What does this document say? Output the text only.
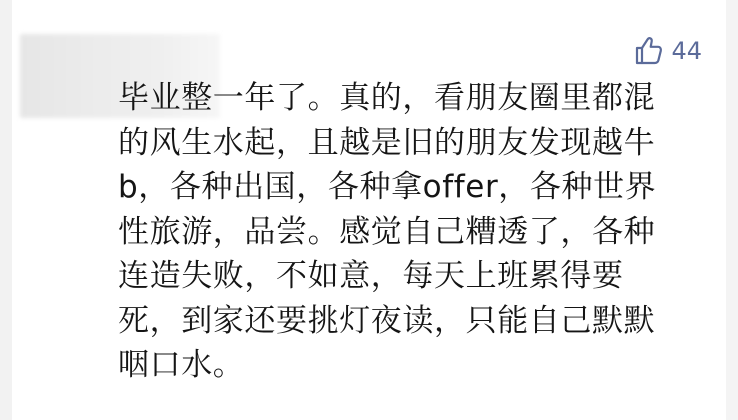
44
毕业整一年了。真的，看朋友圈里都混
的风生水起，且越是旧的朋友发现越牛
b，各种出国，各种拿offer，各种世界
性旅游，品尝。感觉自己糟透了，各种
连造失败，不如意，每天上班累得要
死，到家还要挑灯夜读，只能自己默默
咽口水。
